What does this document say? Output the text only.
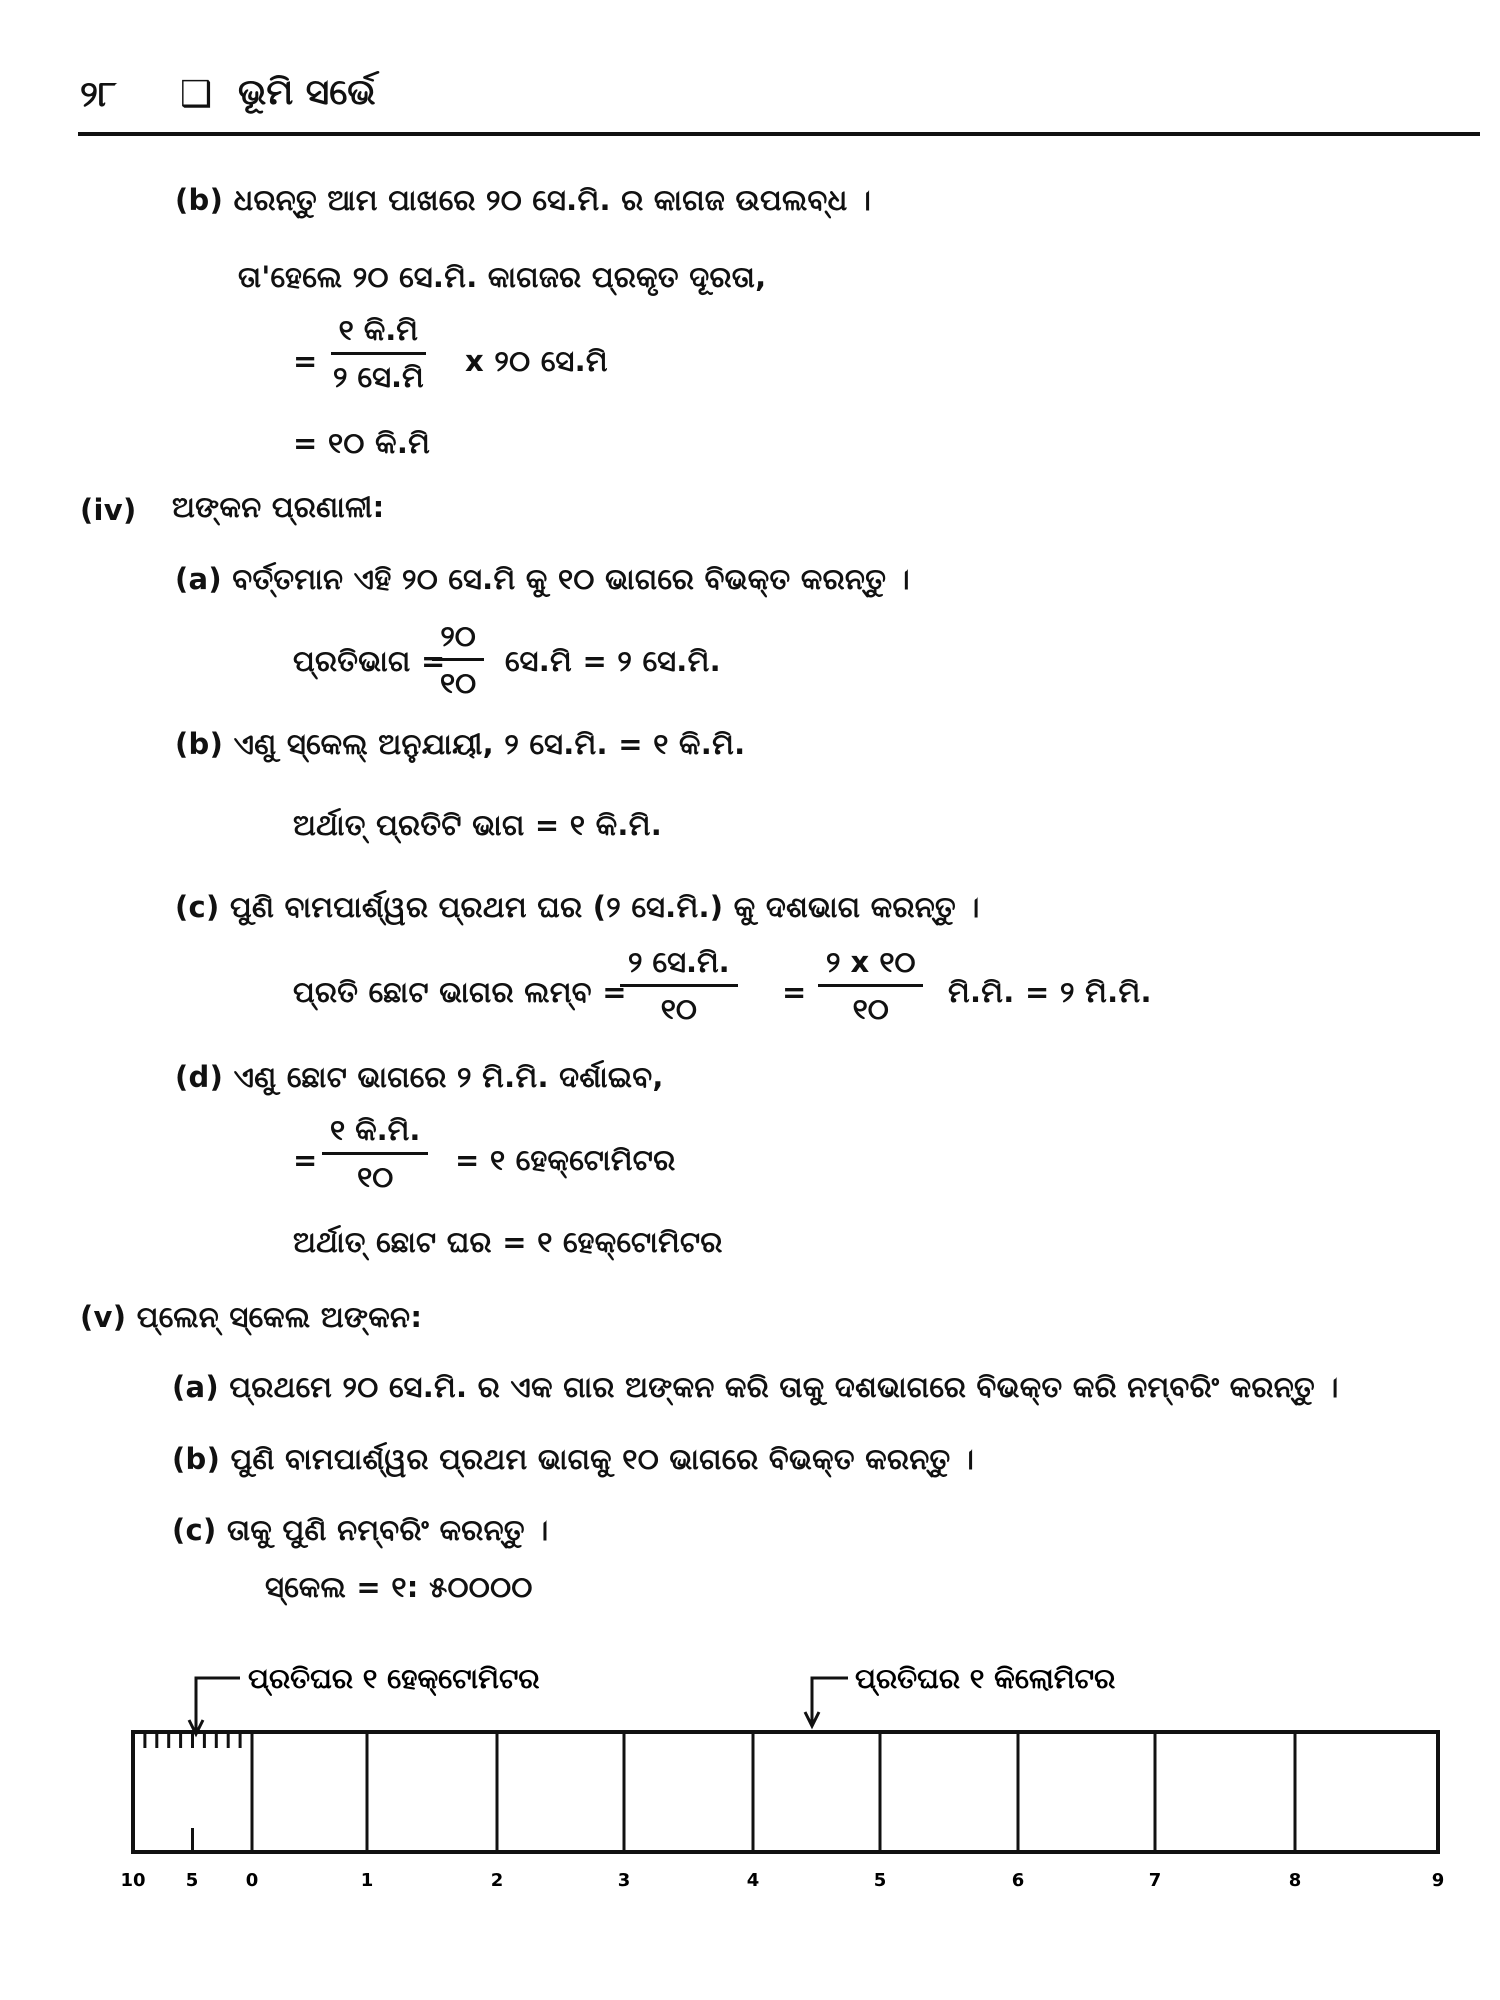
୨୮ ❑ ଭୂମି ସର୍ଭେ
(b) ଧରନ୍ତୁ ଆମ ପାଖରେ ୨୦ ସେ.ମି. ର କାଗଜ ଉପଲବ୍ଧ ।
ତା'ହେଲେ ୨୦ ସେ.ମି. କାଗଜର ପ୍ରକୃତ ଦୂରତା,
=
୧ କି.ମି
୨ ସେ.ମି x ୨୦ ସେ.ମି
= ୧୦ କି.ମି
(iv) ଅଙ୍କନ ପ୍ରଣାଳୀ:
(a) ବର୍ତ୍ତମାନ ଏହି ୨୦ ସେ.ମି କୁ ୧୦ ଭାଗରେ ବିଭକ୍ତ କରନ୍ତୁ ।
ପ୍ରତିଭାଗ =
୨୦
୧୦
ସେ.ମି = ୨ ସେ.ମି.
(b) ଏଣୁ ସ୍କେଲ୍ ଅନୁଯାୟୀ, ୨ ସେ.ମି. = ୧ କି.ମି.
ଅର୍ଥାତ୍ ପ୍ରତିଟି ଭାଗ = ୧ କି.ମି.
(c) ପୁଣି ବାମପାର୍ଶ୍ୱର ପ୍ରଥମ ଘର (୨ ସେ.ମି.) କୁ ଦଶଭାଗ କରନ୍ତୁ ।
ପ୍ରତି ଛୋଟ ଭାଗର ଲମ୍ବ =
୨ ସେ.ମି.
୧୦	=
୨ x ୧୦
୧୦ ମି.ମି. = ୨ ମି.ମି.
(d) ଏଣୁ ଛୋଟ ଭାଗରେ ୨ ମି.ମି. ଦର୍ଶାଇବ,
=
୧ କି.ମି.
୧୦ = ୧ ହେକ୍ଟୋମିଟର
ଅର୍ଥାତ୍ ଛୋଟ ଘର = ୧ ହେକ୍ଟୋମିଟର
(v) ପ୍ଲେନ୍ ସ୍କେଲ ଅଙ୍କନ:
(a) ପ୍ରଥମେ ୨୦ ସେ.ମି. ର ଏକ ଗାର ଅଙ୍କନ କରି ତାକୁ ଦଶଭାଗରେ ବିଭକ୍ତ କରି ନମ୍ବରିଂ କରନ୍ତୁ ।
(b) ପୁଣି ବାମପାର୍ଶ୍ୱର ପ୍ରଥମ ଭାଗକୁ ୧୦ ଭାଗରେ ବିଭକ୍ତ କରନ୍ତୁ ।
(c) ତାକୁ ପୁଣି ନମ୍ବରିଂ କରନ୍ତୁ ।
ସ୍କେଲ = ୧: ୫୦୦୦୦
ପ୍ରତିଘର ୧ ହେକ୍ଟୋମିଟର	ପ୍ରତିଘର ୧ କିଲୋମିଟର
10 5	0	1	2	3	4	5	6	7	8	9
